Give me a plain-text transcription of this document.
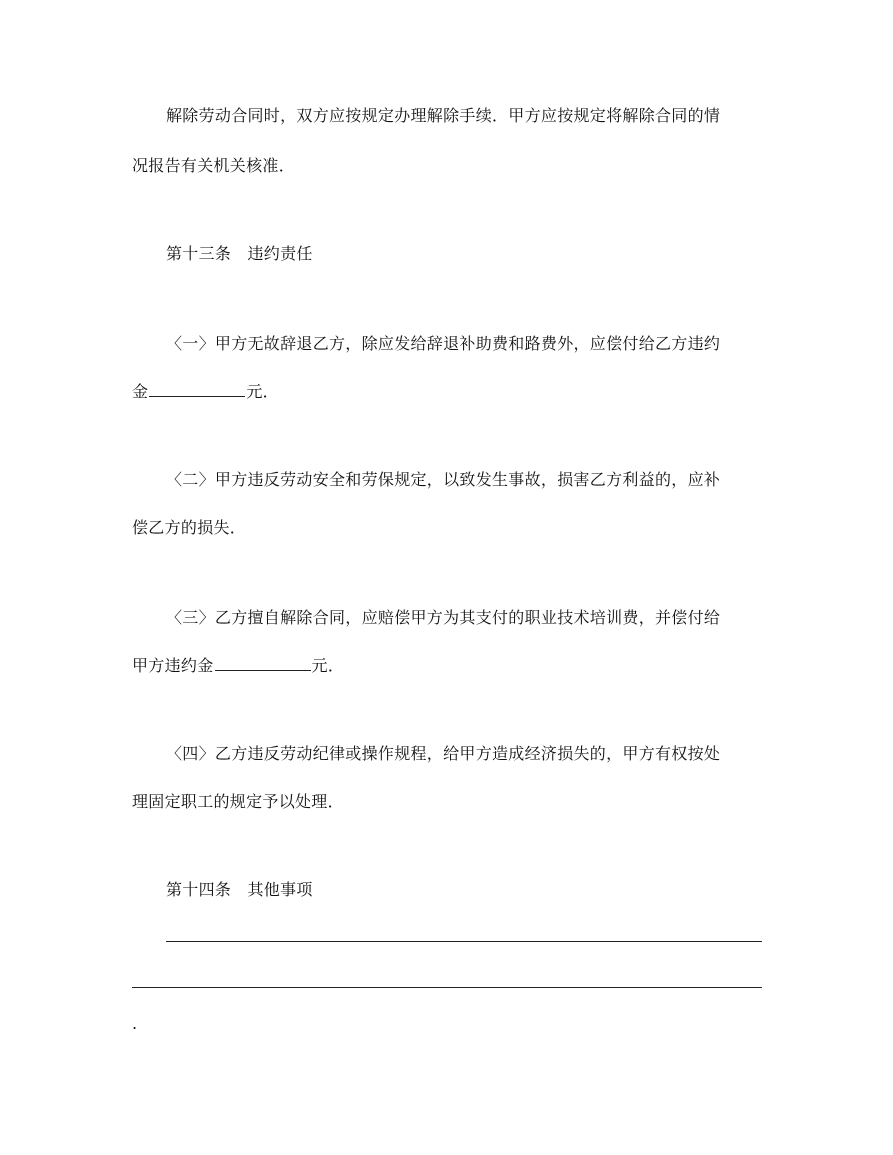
解除劳动合同时，双方应按规定办理解除手续．甲方应按规定将解除合同的情
况报告有关机关核准．
第十三条　违约责任
〈一〉甲方无故辞退乙方，除应发给辞退补助费和路费外，应偿付给乙方违约
金	元．
〈二〉甲方违反劳动安全和劳保规定，以致发生事故，损害乙方利益的，应补
偿乙方的损失．
〈三〉乙方擅自解除合同，应赔偿甲方为其支付的职业技术培训费，并偿付给
甲方违约金	元．
〈四〉乙方违反劳动纪律或操作规程，给甲方造成经济损失的，甲方有权按处
理固定职工的规定予以处理．
第十四条　其他事项
.
